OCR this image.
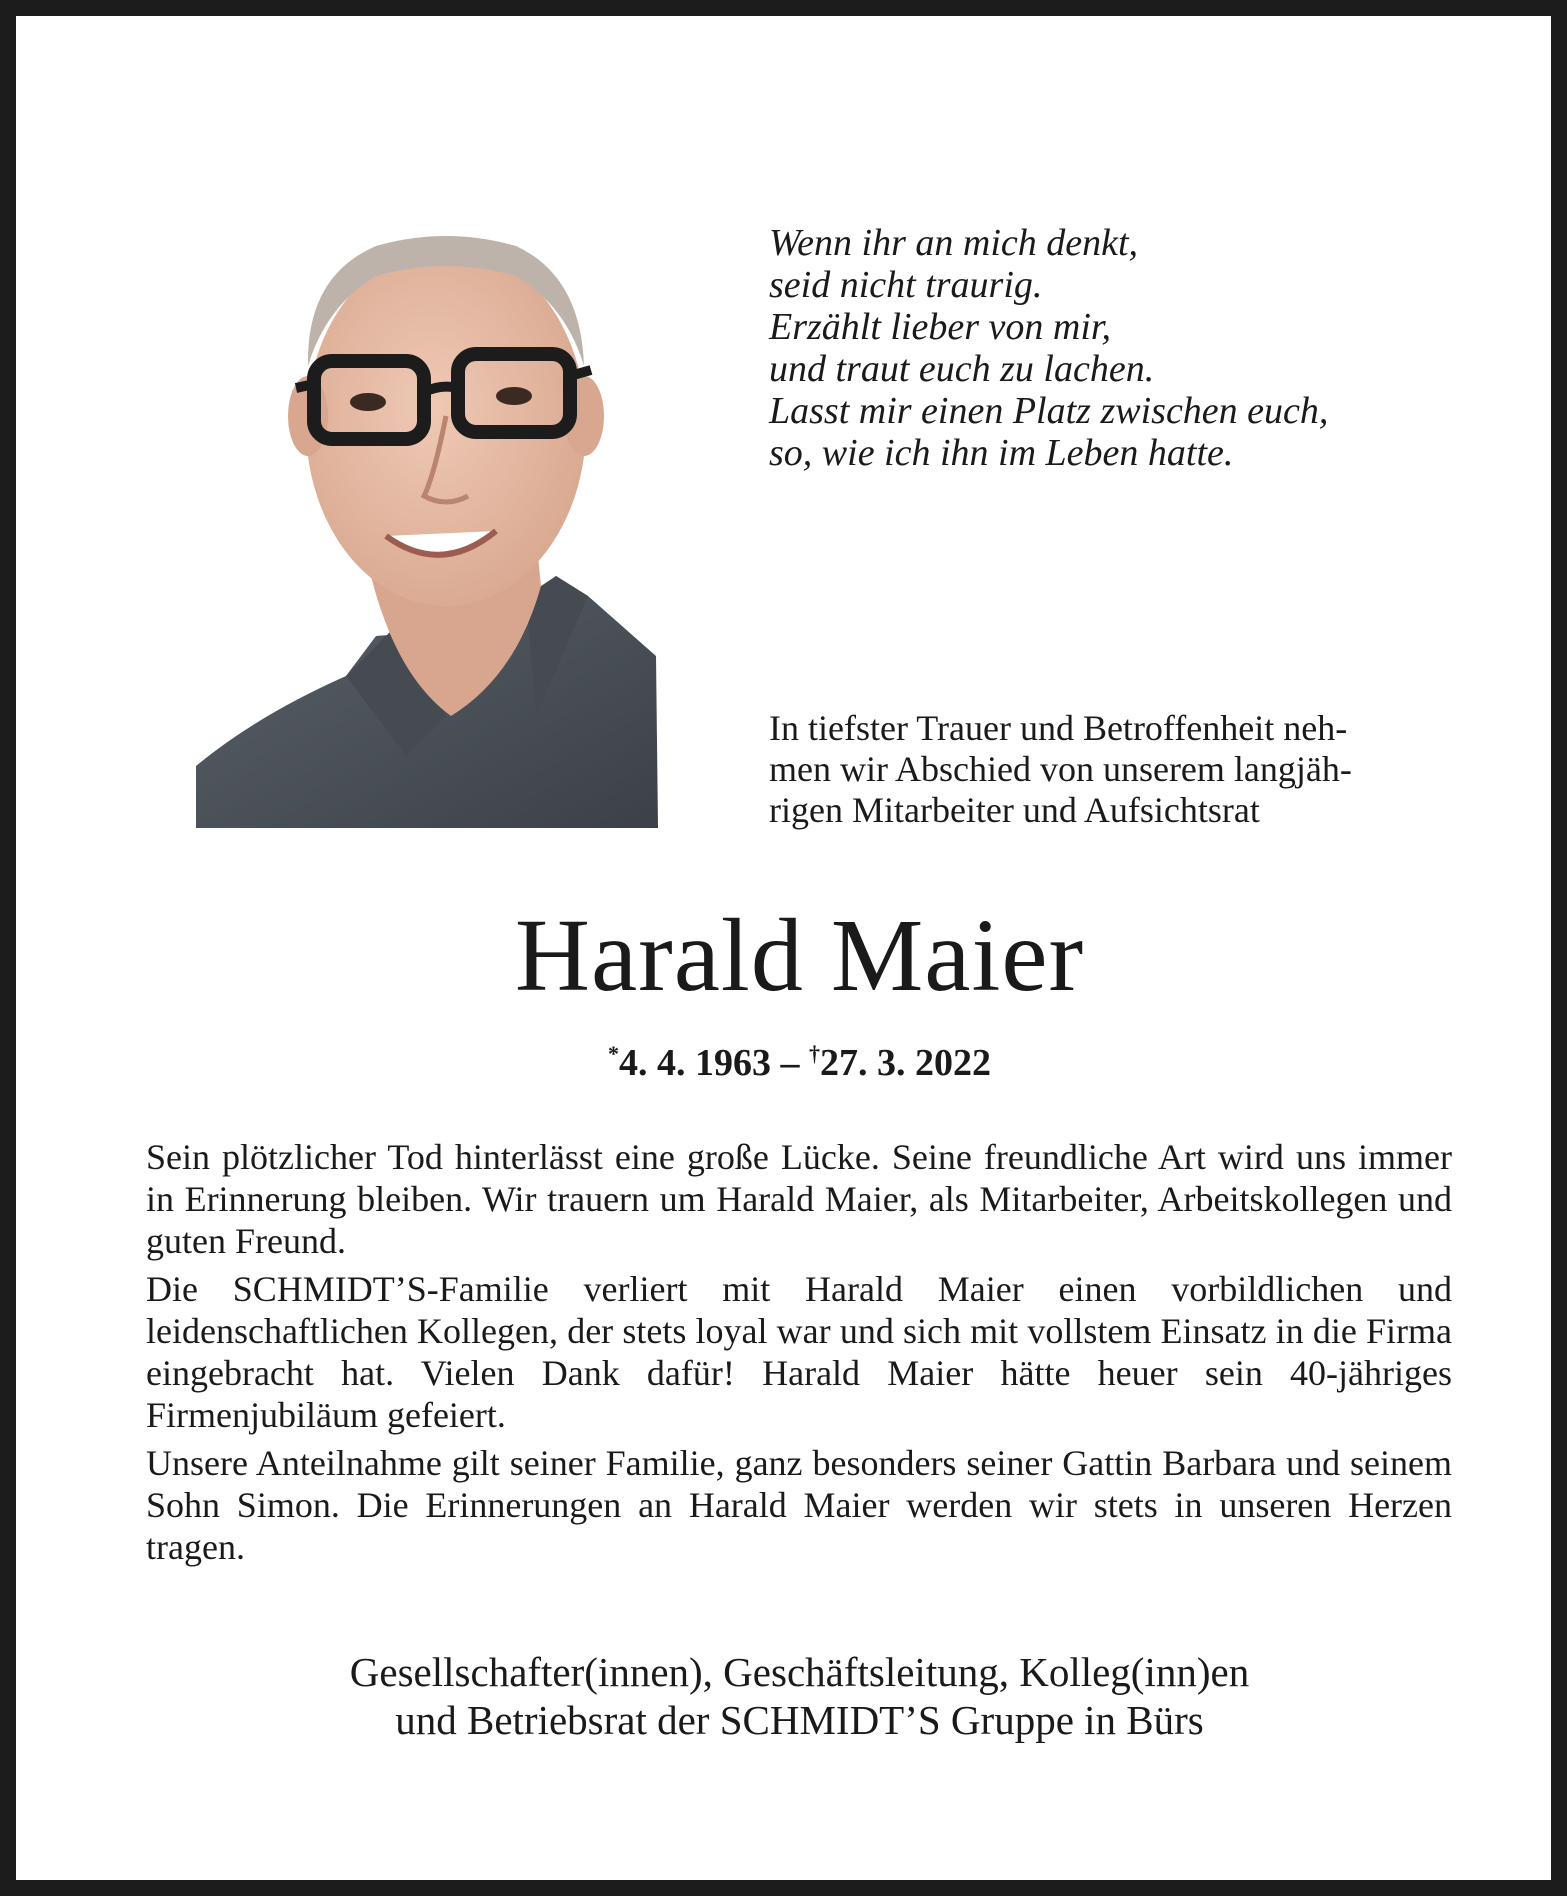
Wenn ihr an mich denkt,
seid nicht traurig.
Erzählt lieber von mir,
und traut euch zu lachen.
Lasst mir einen Platz zwischen euch,
so, wie ich ihn im Leben hatte.
In tiefster Trauer und Betroffenheit neh-
men wir Abschied von unserem langjäh-
rigen Mitarbeiter und Aufsichtsrat
Harald Maier
*4. 4. 1963 – †27. 3. 2022

Sein plötzlicher Tod hinterlässt eine große Lücke. Seine freundliche Art wird uns immer in Erinnerung bleiben. Wir trauern um Harald Maier, als Mitarbeiter, Arbeitskollegen und guten Freund.

Die SCHMIDT’S-Familie verliert mit Harald Maier einen vorbildlichen und leidenschaftlichen Kollegen, der stets loyal war und sich mit vollstem Einsatz in die Firma eingebracht hat. Vielen Dank dafür! Harald Maier hätte heuer sein 40-jähriges Firmenjubiläum gefeiert.

Unsere Anteilnahme gilt seiner Familie, ganz besonders seiner Gattin Barbara und seinem Sohn Simon. Die Erinnerungen an Harald Maier werden wir stets in unseren Herzen tragen.

Gesellschafter(innen), Geschäftsleitung, Kolleg(inn)en
und Betriebsrat der SCHMIDT’S Gruppe in Bürs
